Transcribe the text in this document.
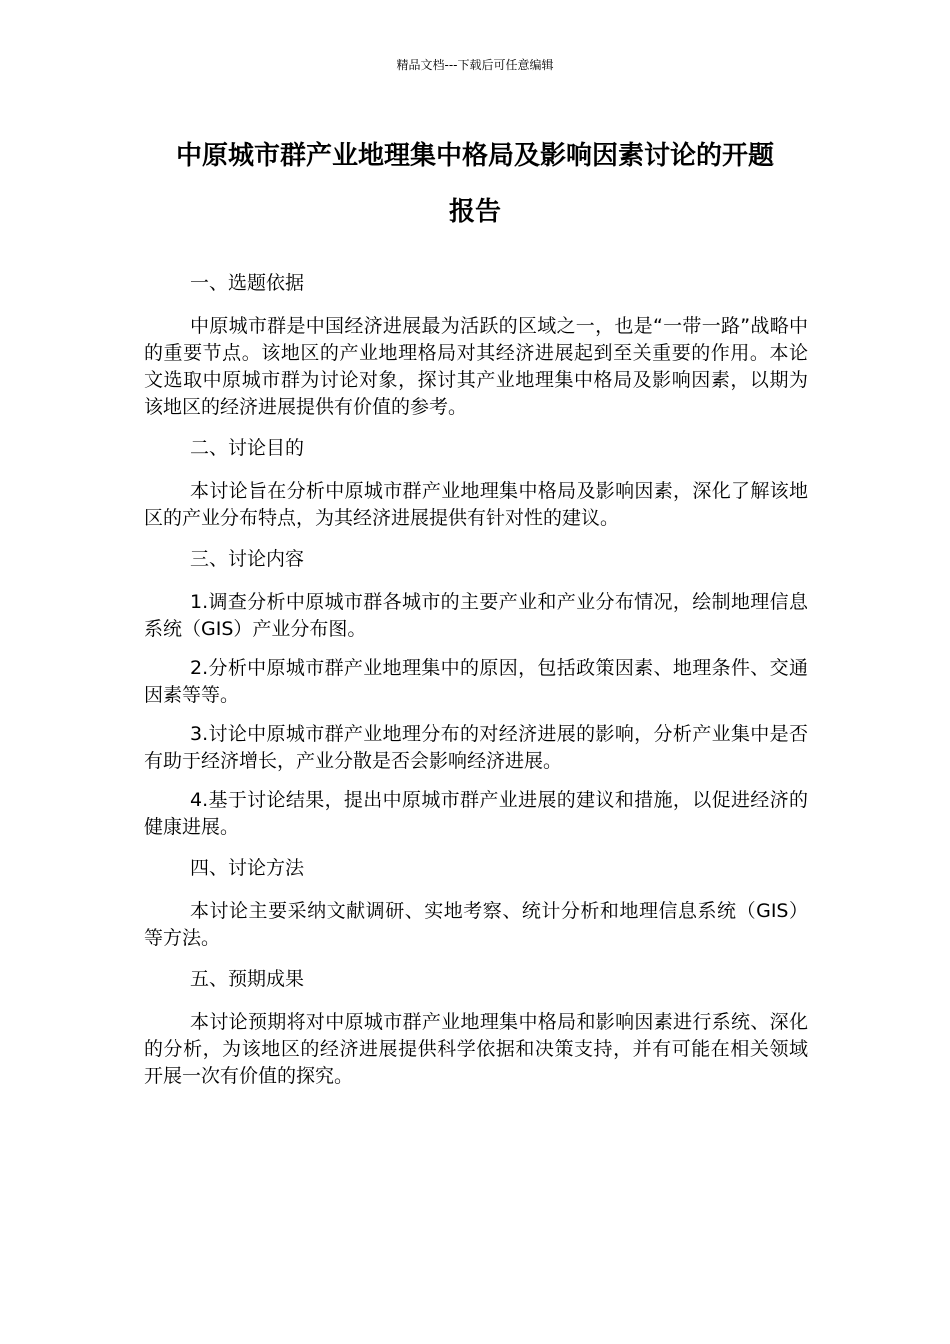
精品文档---下载后可任意编辑
中原城市群产业地理集中格局及影响因素讨论的开题
报告
一、选题依据

中原城市群是中国经济进展最为活跃的区域之一，也是“一带一路”战略中的重要节点。该地区的产业地理格局对其经济进展起到至关重要的作用。本论文选取中原城市群为讨论对象，探讨其产业地理集中格局及影响因素，以期为该地区的经济进展提供有价值的参考。

二、讨论目的

本讨论旨在分析中原城市群产业地理集中格局及影响因素，深化了解该地区的产业分布特点，为其经济进展提供有针对性的建议。

三、讨论内容

1.调查分析中原城市群各城市的主要产业和产业分布情况，绘制地理信息系统（GIS）产业分布图。

2.分析中原城市群产业地理集中的原因，包括政策因素、地理条件、交通因素等等。

3.讨论中原城市群产业地理分布的对经济进展的影响，分析产业集中是否有助于经济增长，产业分散是否会影响经济进展。

4.基于讨论结果，提出中原城市群产业进展的建议和措施，以促进经济的健康进展。

四、讨论方法

本讨论主要采纳文献调研、实地考察、统计分析和地理信息系统（GIS）等方法。

五、预期成果

本讨论预期将对中原城市群产业地理集中格局和影响因素进行系统、深化的分析，为该地区的经济进展提供科学依据和决策支持，并有可能在相关领域开展一次有价值的探究。
